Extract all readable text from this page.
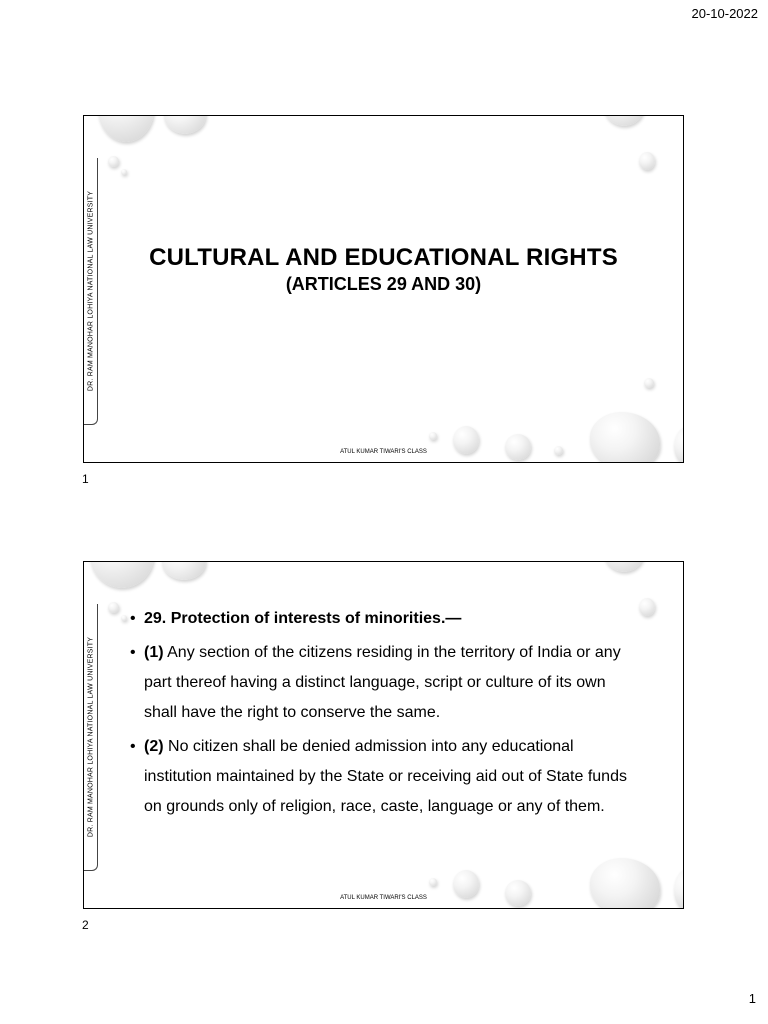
20-10-2022
DR. RAM MANOHAR LOHIYA NATIONAL LAW UNIVERSITY	CULTURAL AND EDUCATIONAL RIGHTS
(ARTICLES 29 AND 30)
ATUL KUMAR TIWARI'S CLASS
1
DR. RAM MANOHAR LOHIYA NATIONAL LAW UNIVERSITY
• 29. Protection of interests of minorities.—
• (1) Any section of the citizens residing in the territory of India or any part thereof having a distinct language, script or culture of its own shall have the right to conserve the same.
• (2) No citizen shall be denied admission into any educational institution maintained by the State or receiving aid out of State funds on grounds only of religion, race, caste, language or any of them.
ATUL KUMAR TIWARI'S CLASS
2
1
